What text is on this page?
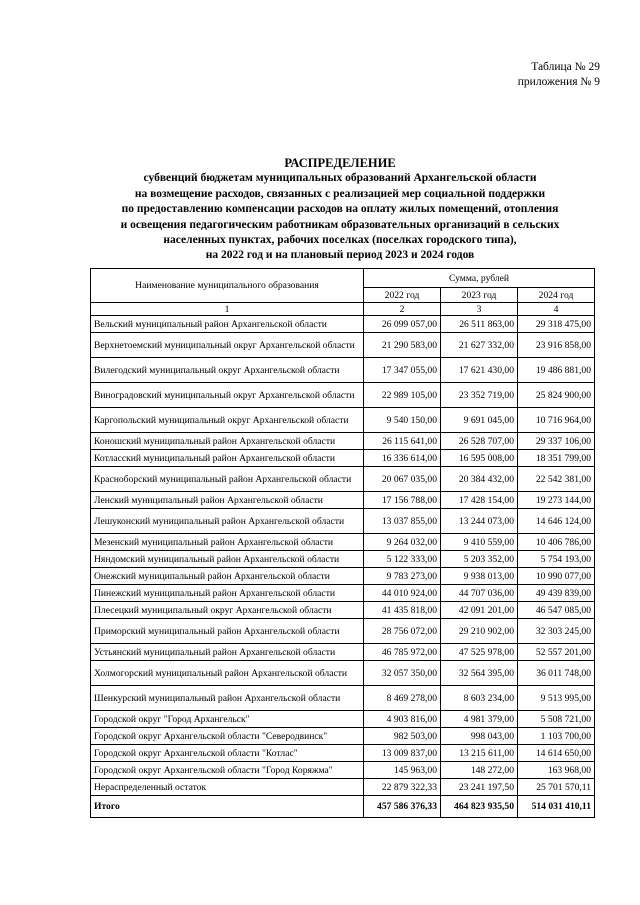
Таблица № 29
приложения № 9
РАСПРЕДЕЛЕНИЕ
субвенций бюджетам муниципальных образований Архангельской области
на возмещение расходов, связанных с реализацией мер социальной поддержки
по предоставлению компенсации расходов на оплату жилых помещений, отопления
и освещения педагогическим работникам образовательных организаций в сельских
населенных пунктах, рабочих поселках (поселках городского типа),
на 2022 год и на плановый период 2023 и 2024 годов
Наименование муниципального образования	Сумма, рублей		
	2022 год	2023 год	2024 год
1	2	3	4
Вельский муниципальный район Архангельской области	26 099 057,00	26 511 863,00	29 318 475,00
Верхнетоемский муниципальный округ Архангельской области	21 290 583,00	21 627 332,00	23 916 858,00
Вилегодский муниципальный округ Архангельской области	17 347 055,00	17 621 430,00	19 486 881,00
Виноградовский муниципальный округ Архангельской области	22 989 105,00	23 352 719,00	25 824 900,00
Каргопольский муниципальный округ Архангельской области	9 540 150,00	9 691 045,00	10 716 964,00
Коношский муниципальный район Архангельской области	26 115 641,00	26 528 707,00	29 337 106,00
Котласский муниципальный район Архангельской области	16 336 614,00	16 595 008,00	18 351 799,00
Красноборский муниципальный район Архангельской области	20 067 035,00	20 384 432,00	22 542 381,00
Ленский муниципальный район Архангельской области	17 156 788,00	17 428 154,00	19 273 144,00
Лешуконский муниципальный район Архангельской области	13 037 855,00	13 244 073,00	14 646 124,00
Мезенский муниципальный район Архангельской области	9 264 032,00	9 410 559,00	10 406 786,00
Няндомский муниципальный район Архангельской области	5 122 333,00	5 203 352,00	5 754 193,00
Онежский муниципальный район Архангельской области	9 783 273,00	9 938 013,00	10 990 077,00
Пинежский муниципальный район Архангельской области	44 010 924,00	44 707 036,00	49 439 839,00
Плесецкий муниципальный округ Архангельской области	41 435 818,00	42 091 201,00	46 547 085,00
Приморский муниципальный район Архангельской области	28 756 072,00	29 210 902,00	32 303 245,00
Устьянский муниципальный район Архангельской области	46 785 972,00	47 525 978,00	52 557 201,00
Холмогорский муниципальный район Архангельской области	32 057 350,00	32 564 395,00	36 011 748,00
Шенкурский муниципальный район Архангельской области	8 469 278,00	8 603 234,00	9 513 995,00
Городской округ "Город Архангельск"	4 903 816,00	4 981 379,00	5 508 721,00
Городской округ Архангельской области "Северодвинск"	982 503,00	998 043,00	1 103 700,00
Городской округ Архангельской области "Котлас"	13 009 837,00	13 215 611,00	14 614 650,00
Городской округ Архангельской области "Город Коряжма"	145 963,00	148 272,00	163 968,00
Нераспределенный остаток	22 879 322,33	23 241 197,50	25 701 570,11
Итого	457 586 376,33	464 823 935,50	514 031 410,11
